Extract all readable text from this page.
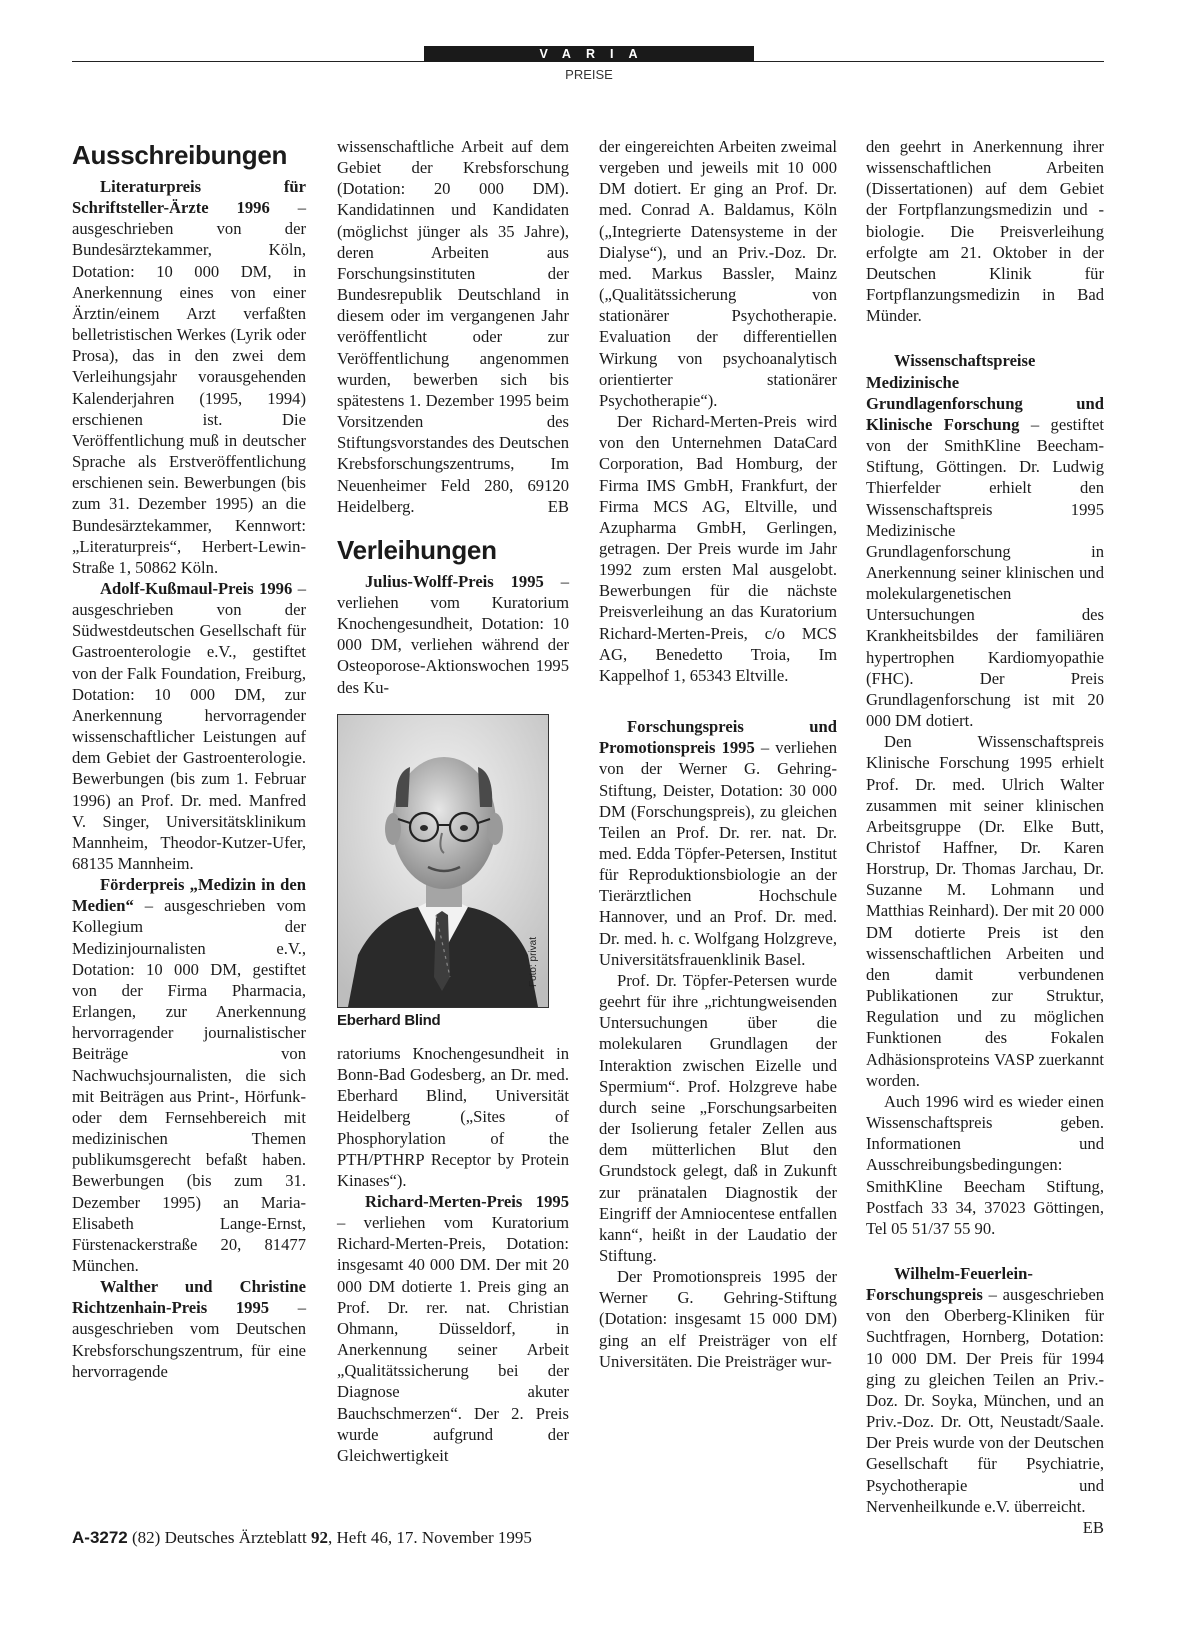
VARIA
PREISE
Ausschreibungen

Literaturpreis für Schriftsteller-Ärzte 1996 – ausgeschrieben von der Bundesärztekammer, Köln, Dotation: 10 000 DM, in Anerkennung eines von einer Ärztin/einem Arzt verfaßten belletristischen Werkes (Lyrik oder Prosa), das in den zwei dem Verleihungsjahr vorausgehenden Kalenderjahren (1995, 1994) erschienen ist. Die Veröffentlichung muß in deutscher Sprache als Erstveröffentlichung erschienen sein. Bewerbungen (bis zum 31. Dezember 1995) an die Bundesärztekammer, Kennwort: „Literaturpreis“, Herbert-Lewin-Straße 1, 50862 Köln.

Adolf-Kußmaul-Preis 1996 – ausgeschrieben von der Südwestdeutschen Gesellschaft für Gastroenterologie e.V., gestiftet von der Falk Foundation, Freiburg, Dotation: 10 000 DM, zur Anerkennung hervorragender wissenschaftlicher Leistungen auf dem Gebiet der Gastroenterologie. Bewerbungen (bis zum 1. Februar 1996) an Prof. Dr. med. Manfred V. Singer, Universitätsklinikum Mannheim, Theodor-Kutzer-Ufer, 68135 Mannheim.

Förderpreis „Medizin in den Medien“ – ausgeschrieben vom Kollegium der Medizinjournalisten e.V., Dotation: 10 000 DM, gestiftet von der Firma Pharmacia, Erlangen, zur Anerkennung hervorragender journalistischer Beiträge von Nachwuchsjournalisten, die sich mit Beiträgen aus Print-, Hörfunk- oder dem Fernsehbereich mit medizinischen Themen publikumsgerecht befaßt haben. Bewerbungen (bis zum 31. Dezember 1995) an Maria-Elisabeth Lange-Ernst, Fürstenackerstraße 20, 81477 München.

Walther und Christine Richtzenhain-Preis 1995 – ausgeschrieben vom Deutschen Krebsforschungszentrum, für eine hervorragende

wissenschaftliche Arbeit auf dem Gebiet der Krebsforschung (Dotation: 20 000 DM). Kandidatinnen und Kandidaten (möglichst jünger als 35 Jahre), deren Arbeiten aus Forschungsinstituten der Bundesrepublik Deutschland in diesem oder im vergangenen Jahr veröffentlicht oder zur Veröffentlichung angenommen wurden, bewerben sich bis spätestens 1. Dezember 1995 beim Vorsitzenden des Stiftungsvorstandes des Deutschen Krebsforschungszentrums, Im Neuenheimer Feld 280, 69120 Heidelberg.	EB

Verleihungen

Julius-Wolff-Preis 1995 – verliehen vom Kuratorium Knochengesundheit, Dotation: 10 000 DM, verliehen während der Osteoporose-Aktionswochen 1995 des Ku-

Foto: privat
Eberhard Blind

ratoriums Knochengesundheit in Bonn-Bad Godesberg, an Dr. med. Eberhard Blind, Universität Heidelberg („Sites of Phosphorylation of the PTH/PTHRP Receptor by Protein Kinases“).

Richard-Merten-Preis 1995 – verliehen vom Kuratorium Richard-Merten-Preis, Dotation: insgesamt 40 000 DM. Der mit 20 000 DM dotierte 1. Preis ging an Prof. Dr. rer. nat. Christian Ohmann, Düsseldorf, in Anerkennung seiner Arbeit „Qualitätssicherung bei der Diagnose akuter Bauchschmerzen“. Der 2. Preis wurde aufgrund der Gleichwertigkeit

der eingereichten Arbeiten zweimal vergeben und jeweils mit 10 000 DM dotiert. Er ging an Prof. Dr. med. Conrad A. Baldamus, Köln („Integrierte Datensysteme in der Dialyse“), und an Priv.-Doz. Dr. med. Markus Bassler, Mainz („Qualitätssicherung von stationärer Psychotherapie. Evaluation der differentiellen Wirkung von psychoanalytisch orientierter stationärer Psychotherapie“).

Der Richard-Merten-Preis wird von den Unternehmen DataCard Corporation, Bad Homburg, der Firma IMS GmbH, Frankfurt, der Firma MCS AG, Eltville, und Azupharma GmbH, Gerlingen, getragen. Der Preis wurde im Jahr 1992 zum ersten Mal ausgelobt. Bewerbungen für die nächste Preisverleihung an das Kuratorium Richard-Merten-Preis, c/o MCS AG, Benedetto Troia, Im Kappelhof 1, 65343 Eltville.

Forschungspreis und Promotionspreis 1995 – verliehen von der Werner G. Gehring-Stiftung, Deister, Dotation: 30 000 DM (Forschungspreis), zu gleichen Teilen an Prof. Dr. rer. nat. Dr. med. Edda Töpfer-Petersen, Institut für Reproduktionsbiologie an der Tierärztlichen Hochschule Hannover, und an Prof. Dr. med. Dr. med. h. c. Wolfgang Holzgreve, Universitätsfrauenklinik Basel.

Prof. Dr. Töpfer-Petersen wurde geehrt für ihre „richtungweisenden Untersuchungen über die molekularen Grundlagen der Interaktion zwischen Eizelle und Spermium“. Prof. Holzgreve habe durch seine „Forschungsarbeiten der Isolierung fetaler Zellen aus dem mütterlichen Blut den Grundstock gelegt, daß in Zukunft zur pränatalen Diagnostik der Eingriff der Amniocentese entfallen kann“, heißt in der Laudatio der Stiftung.

Der Promotionspreis 1995 der Werner G. Gehring-Stiftung (Dotation: insgesamt 15 000 DM) ging an elf Preisträger von elf Universitäten. Die Preisträger wur-

den geehrt in Anerkennung ihrer wissenschaftlichen Arbeiten (Dissertationen) auf dem Gebiet der Fortpflanzungsmedizin und -biologie. Die Preisverleihung erfolgte am 21. Oktober in der Deutschen Klinik für Fortpflanzungsmedizin in Bad Münder.

Wissenschaftspreise Medizinische Grundlagenforschung und Klinische Forschung – gestiftet von der SmithKline Beecham-Stiftung, Göttingen. Dr. Ludwig Thierfelder erhielt den Wissenschaftspreis 1995 Medizinische Grundlagenforschung in Anerkennung seiner klinischen und molekulargenetischen Untersuchungen des Krankheitsbildes der familiären hypertrophen Kardiomyopathie (FHC). Der Preis Grundlagenforschung ist mit 20 000 DM dotiert.

Den Wissenschaftspreis Klinische Forschung 1995 erhielt Prof. Dr. med. Ulrich Walter zusammen mit seiner klinischen Arbeitsgruppe (Dr. Elke Butt, Christof Haffner, Dr. Karen Horstrup, Dr. Thomas Jarchau, Dr. Suzanne M. Lohmann und Matthias Reinhard). Der mit 20 000 DM dotierte Preis ist den wissenschaftlichen Arbeiten und den damit verbundenen Publikationen zur Struktur, Regulation und zu möglichen Funktionen des Fokalen Adhäsionsproteins VASP zuerkannt worden.

Auch 1996 wird es wieder einen Wissenschaftspreis geben. Informationen und Ausschreibungsbedingungen: SmithKline Beecham Stiftung, Postfach 33 34, 37023 Göttingen, Tel 05 51/37 55 90.

Wilhelm-Feuerlein-Forschungspreis – ausgeschrieben von den Oberberg-Kliniken für Suchtfragen, Hornberg, Dotation: 10 000 DM. Der Preis für 1994 ging zu gleichen Teilen an Priv.-Doz. Dr. Soyka, München, und an Priv.-Doz. Dr. Ott, Neustadt/Saale. Der Preis wurde von der Deutschen Gesellschaft für Psychiatrie, Psychotherapie und Nervenheilkunde e.V. überreicht.
EB

A-3272 (82) Deutsches Ärzteblatt 92, Heft 46, 17. November 1995
